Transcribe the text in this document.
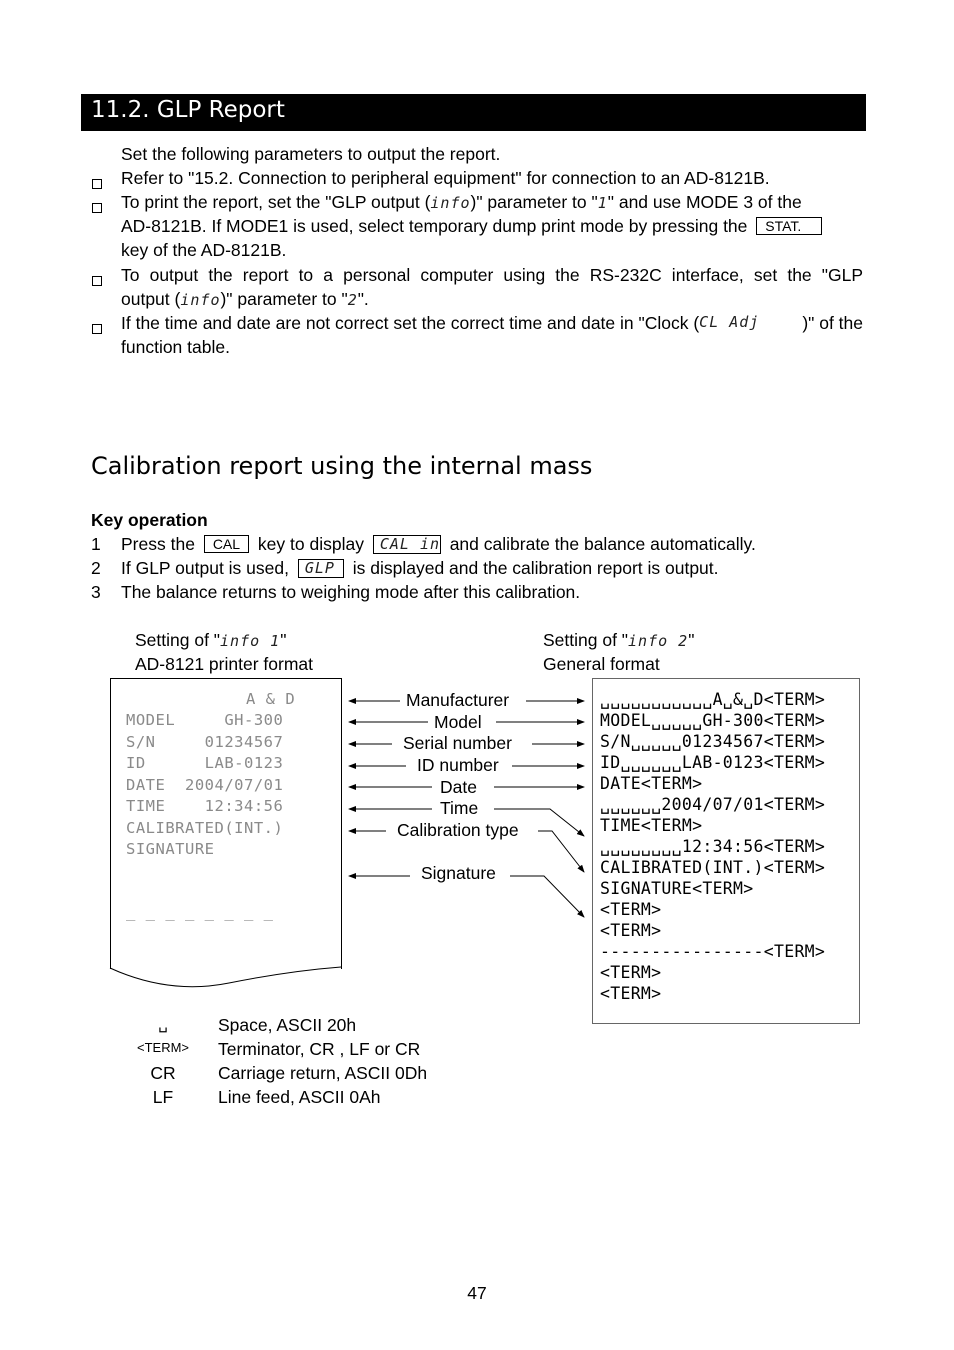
11.2. GLP Report
Set the following parameters to output the report.
Refer to "15.2. Connection to peripheral equipment" for connection to an AD-8121B.
To print the report, set the "GLP output (info)" parameter to "1" and use MODE 3 of the
AD-8121B. If MODE1 is used, select temporary dump print mode by pressing the STAT.
key of the AD-8121B.
To output the report to a personal computer using the RS-232C interface, set the "GLP
output (info)" parameter to "2".
If the time and date are not correct set the correct time and date in "Clock ( CL Adj )" of the
function table.
Calibration report using the internal mass
Key operation
1 Press the CAL key to display CAL in and calibrate the balance automatically.
2 If GLP output is used, GLP is displayed and the calibration report is output.
3 The balance returns to weighing mode after this calibration.
Setting of "info 1"
AD-8121 printer format
Setting of "info 2"
General format
A & D
MODEL     GH-300
S/N     01234567
ID      LAB-0123
DATE  2004/07/01
TIME    12:34:56
CALIBRATED(INT.)
SIGNATURE
_ _ _ _ _ _ _ _
Manufacturer
Model
Serial number
ID number
Date
Time
Calibration type
Signature
␣␣␣␣␣␣␣␣␣␣␣A␣&␣D<TERM>
MODEL␣␣␣␣␣GH-300<TERM>
S/N␣␣␣␣␣01234567<TERM>
ID␣␣␣␣␣␣LAB-0123<TERM>
DATE<TERM>
␣␣␣␣␣␣2004/07/01<TERM>
TIME<TERM>
␣␣␣␣␣␣␣␣12:34:56<TERM>
CALIBRATED(INT.)<TERM>
SIGNATURE<TERM>
<TERM>
<TERM>
----------------<TERM>
<TERM>
<TERM>
␣	Space, ASCII 20h
<TERM> Terminator, CR , LF or CR
CR	Carriage return, ASCII 0Dh
LF	Line feed, ASCII 0Ah
47
